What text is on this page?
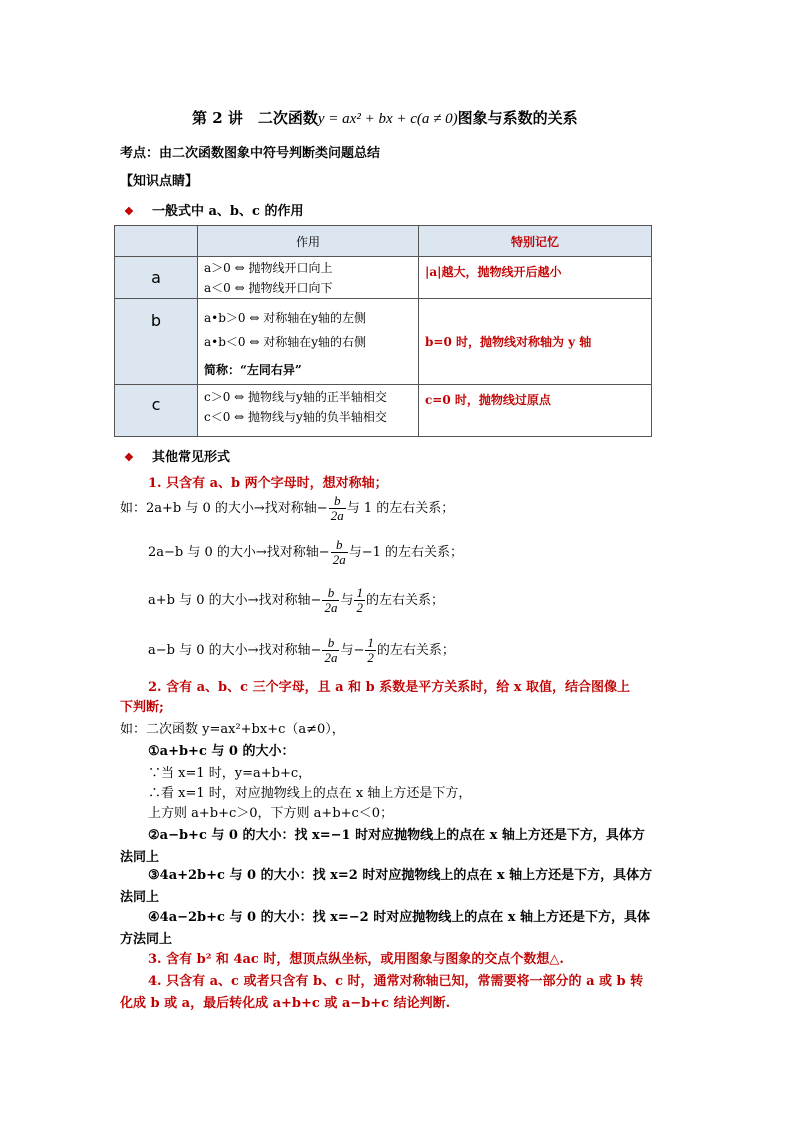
第 2 讲　二次函数y = ax² + bx + c(a ≠ 0)图象与系数的关系
考点：由二次函数图象中符号判断类问题总结
【知识点睛】
❖ 一般式中 a、b、c 的作用
	作用	特别记忆
a	a＞0 ⇔ 抛物线开口向上
a＜0 ⇔ 抛物线开口向下	|a|越大，抛物线开后越小
b	a•b＞0 ⇔ 对称轴在y轴的左侧
a•b＜0 ⇔ 对称轴在y轴的右侧
简称：“左同右异”	b=0 时，抛物线对称轴为 y 轴
c	c＞0 ⇔ 抛物线与y轴的正半轴相交
c＜0 ⇔ 抛物线与y轴的负半轴相交	c=0 时，抛物线过原点
❖ 其他常见形式
1. 只含有 a、b 两个字母时，想对称轴；
如：2a+b 与 0 的大小→找对称轴− $\frac{b}{2a}$ 与 1 的左右关系；
2a−b 与 0 的大小→找对称轴− $\frac{b}{2a}$ 与−1 的左右关系；
a+b 与 0 的大小→找对称轴− $\frac{b}{2a}$ 与 $\frac{1}{2}$ 的左右关系；
a−b 与 0 的大小→找对称轴− $\frac{b}{2a}$ 与− $\frac{1}{2}$ 的左右关系；
2. 含有 a、b、c 三个字母，且 a 和 b 系数是平方关系时，给 x 取值，结合图像上
下判断;
如：二次函数 y=ax²+bx+c（a≠0），
①a+b+c 与 0 的大小：
∵当 x=1 时，y=a+b+c，
∴看 x=1 时，对应抛物线上的点在 x 轴上方还是下方，
上方则 a+b+c＞0，下方则 a+b+c＜0；
②a−b+c 与 0 的大小：找 x=−1 时对应抛物线上的点在 x 轴上方还是下方，具体方
法同上
③4a+2b+c 与 0 的大小：找 x=2 时对应抛物线上的点在 x 轴上方还是下方，具体方
法同上
④4a−2b+c 与 0 的大小：找 x=−2 时对应抛物线上的点在 x 轴上方还是下方，具体
方法同上
3. 含有 b² 和 4ac 时，想顶点纵坐标，或用图象与图象的交点个数想△.
4. 只含有 a、c 或者只含有 b、c 时，通常对称轴已知，常需要将一部分的 a 或 b 转
化成 b 或 a，最后转化成 a+b+c 或 a−b+c 结论判断.
